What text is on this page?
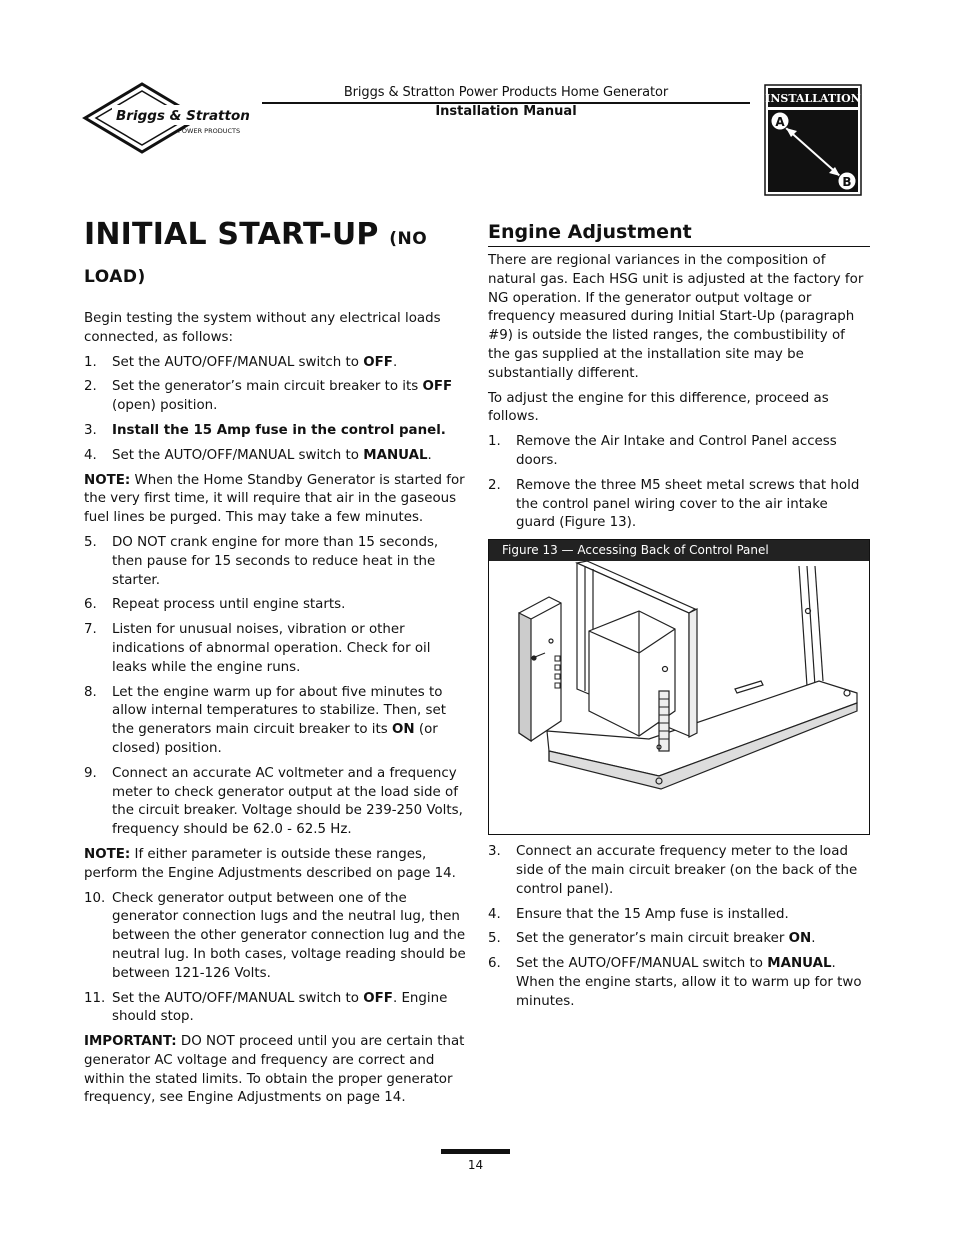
Briggs & Stratton
POWER PRODUCTS
Briggs & Stratton Power Products Home Generator
Installation Manual
INSTALLATION
A
B
INITIAL START-UP (NO LOAD)

Begin testing the system without any electrical loads connected, as follows:

1. Set the AUTO/OFF/MANUAL switch to OFF.
2. Set the generator’s main circuit breaker to its OFF (open) position.
3. Install the 15 Amp fuse in the control panel.
4. Set the AUTO/OFF/MANUAL switch to MANUAL.

NOTE: When the Home Standby Generator is started for the very first time, it will require that air in the gaseous fuel lines be purged. This may take a few minutes.

5. DO NOT crank engine for more than 15 seconds, then pause for 15 seconds to reduce heat in the starter.
6. Repeat process until engine starts.
7. Listen for unusual noises, vibration or other indications of abnormal operation. Check for oil leaks while the engine runs.
8. Let the engine warm up for about five minutes to allow internal temperatures to stabilize. Then, set the generators main circuit breaker to its ON (or closed) position.
9. Connect an accurate AC voltmeter and a frequency meter to check generator output at the load side of the circuit breaker. Voltage should be 239-250 Volts, frequency should be 62.0 - 62.5 Hz.

NOTE: If either parameter is outside these ranges, perform the Engine Adjustments described on page 14.

10. Check generator output between one of the generator connection lugs and the neutral lug, then between the other generator connection lug and the neutral lug. In both cases, voltage reading should be between 121-126 Volts.
11. Set the AUTO/OFF/MANUAL switch to OFF. Engine should stop.

IMPORTANT: DO NOT proceed until you are certain that generator AC voltage and frequency are correct and within the stated limits. To obtain the proper generator frequency, see Engine Adjustments on page 14.

Engine Adjustment

There are regional variances in the composition of natural gas. Each HSG unit is adjusted at the factory for NG operation. If the generator output voltage or frequency measured during Initial Start-Up (paragraph #9) is outside the listed ranges, the combustibility of the gas supplied at the installation site may be substantially different.

To adjust the engine for this difference, proceed as follows.

1. Remove the Air Intake and Control Panel access doors.
2. Remove the three M5 sheet metal screws that hold the control panel wiring cover to the air intake guard (Figure 13).
Figure 13 — Accessing Back of Control Panel
3. Connect an accurate frequency meter to the load side of the main circuit breaker (on the back of the control panel).
4. Ensure that the 15 Amp fuse is installed.
5. Set the generator’s main circuit breaker ON.
6. Set the AUTO/OFF/MANUAL switch to MANUAL. When the engine starts, allow it to warm up for two minutes.
14
